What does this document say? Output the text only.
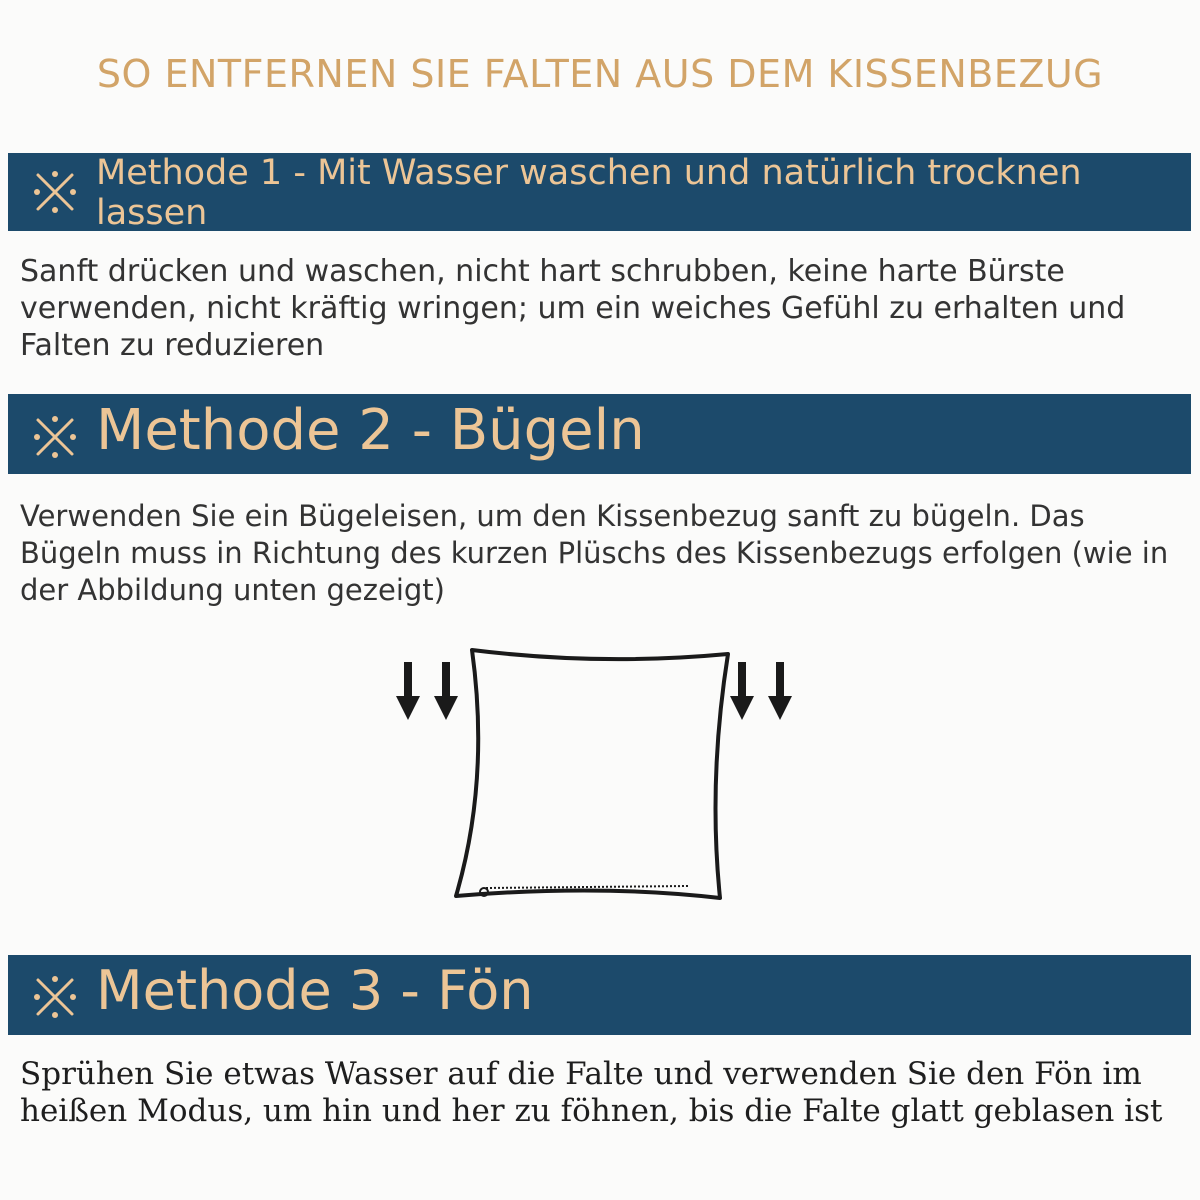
SO ENTFERNEN SIE FALTEN AUS DEM KISSENBEZUG
Methode 1 - Mit Wasser waschen und natürlich trocknen lassen
Sanft drücken und waschen, nicht hart schrubben, keine harte Bürste verwenden, nicht kräftig wringen; um ein weiches Gefühl zu erhalten und Falten zu reduzieren
Methode 2 - Bügeln
Verwenden Sie ein Bügeleisen, um den Kissenbezug sanft zu bügeln. Das Bügeln muss in Richtung des kurzen Plüschs des Kissenbezugs erfolgen (wie in der Abbildung unten gezeigt)
Methode 3 - Fön
Sprühen Sie etwas Wasser auf die Falte und verwenden Sie den Fön im heißen Modus, um hin und her zu föhnen, bis die Falte glatt geblasen ist
